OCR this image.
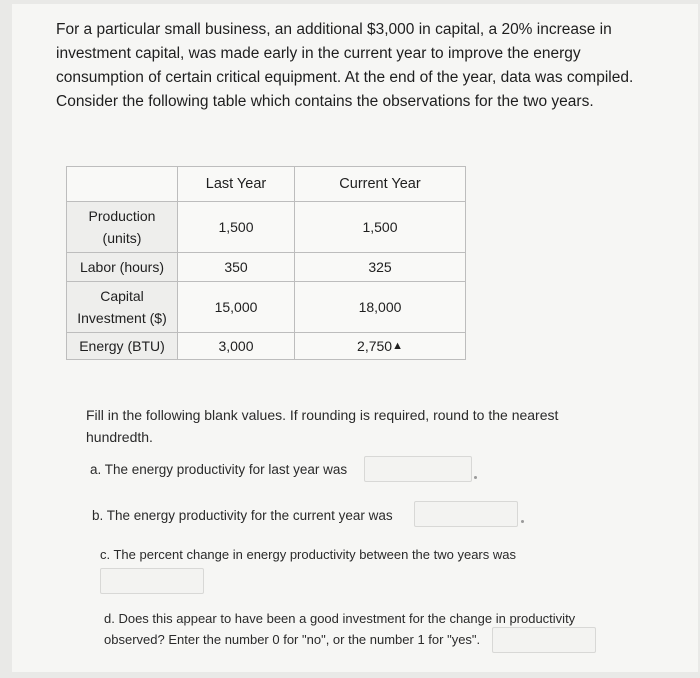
For a particular small business, an additional $3,000 in capital, a 20% increase in

investment capital, was made early in the current year to improve the energy

consumption of certain critical equipment. At the end of the year, data was compiled.

Consider the following table which contains the observations for the two years.

	Last Year	Current Year
Production
(units)	1,500	1,500
Labor (hours)	350	325
Capital
Investment ($)	15,000	18,000
Energy (BTU)	3,000	2,750▲
Fill in the following blank values. If rounding is required, round to the nearest
hundredth.
a. The energy productivity for last year was
b. The energy productivity for the current year was
c. The percent change in energy productivity between the two years was
d. Does this appear to have been a good investment for the change in productivity
observed? Enter the number 0 for "no", or the number 1 for "yes".
